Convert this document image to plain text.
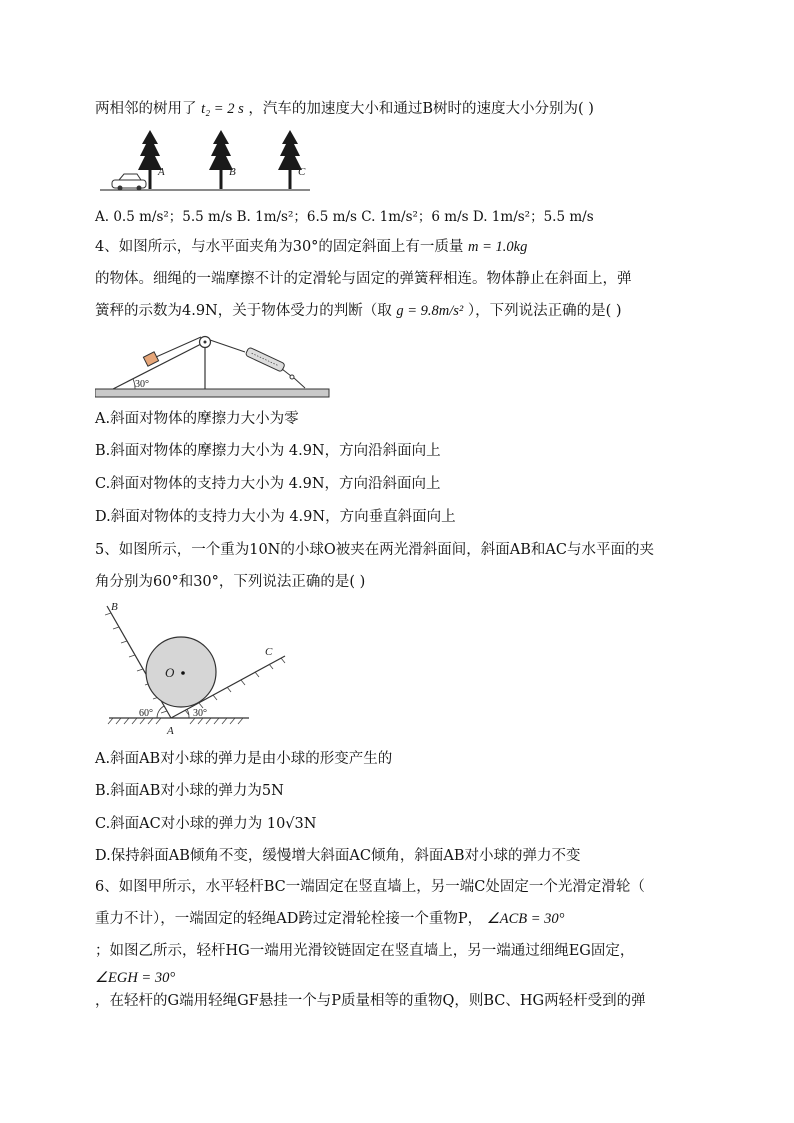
两相邻的树用了 t₂ = 2 s ，汽车的加速度大小和通过B树时的速度大小分别为( )
A	B	C
A. 0.5 m/s²；5.5 m/s B. 1m/s²；6.5 m/s C. 1m/s²；6 m/s D. 1m/s²；5.5 m/s
4、如图所示，与水平面夹角为30°的固定斜面上有一质量 m = 1.0kg
的物体。细绳的一端摩擦不计的定滑轮与固定的弹簧秤相连。物体静止在斜面上，弹
簧秤的示数为4.9N，关于物体受力的判断（取 g = 9.8m/s² ），下列说法正确的是( )
30°
A.斜面对物体的摩擦力大小为零
B.斜面对物体的摩擦力大小为 4.9N，方向沿斜面向上
C.斜面对物体的支持力大小为 4.9N，方向沿斜面向上
D.斜面对物体的支持力大小为 4.9N，方向垂直斜面向上
5、如图所示，一个重为10N的小球O被夹在两光滑斜面间，斜面AB和AC与水平面的夹
角分别为60°和30°，下列说法正确的是( )
B
C
O
A
60°	30°
A.斜面AB对小球的弹力是由小球的形变产生的
B.斜面AB对小球的弹力为5N
C.斜面AC对小球的弹力为 10√3N
D.保持斜面AB倾角不变，缓慢增大斜面AC倾角，斜面AB对小球的弹力不变
6、如图甲所示，水平轻杆BC一端固定在竖直墙上，另一端C处固定一个光滑定滑轮（
重力不计），一端固定的轻绳AD跨过定滑轮栓接一个重物P， ∠ACB = 30°
；如图乙所示，轻杆HG一端用光滑铰链固定在竖直墙上，另一端通过细绳EG固定，
∠EGH = 30°
，在轻杆的G端用轻绳GF悬挂一个与P质量相等的重物Q，则BC、HG两轻杆受到的弹
